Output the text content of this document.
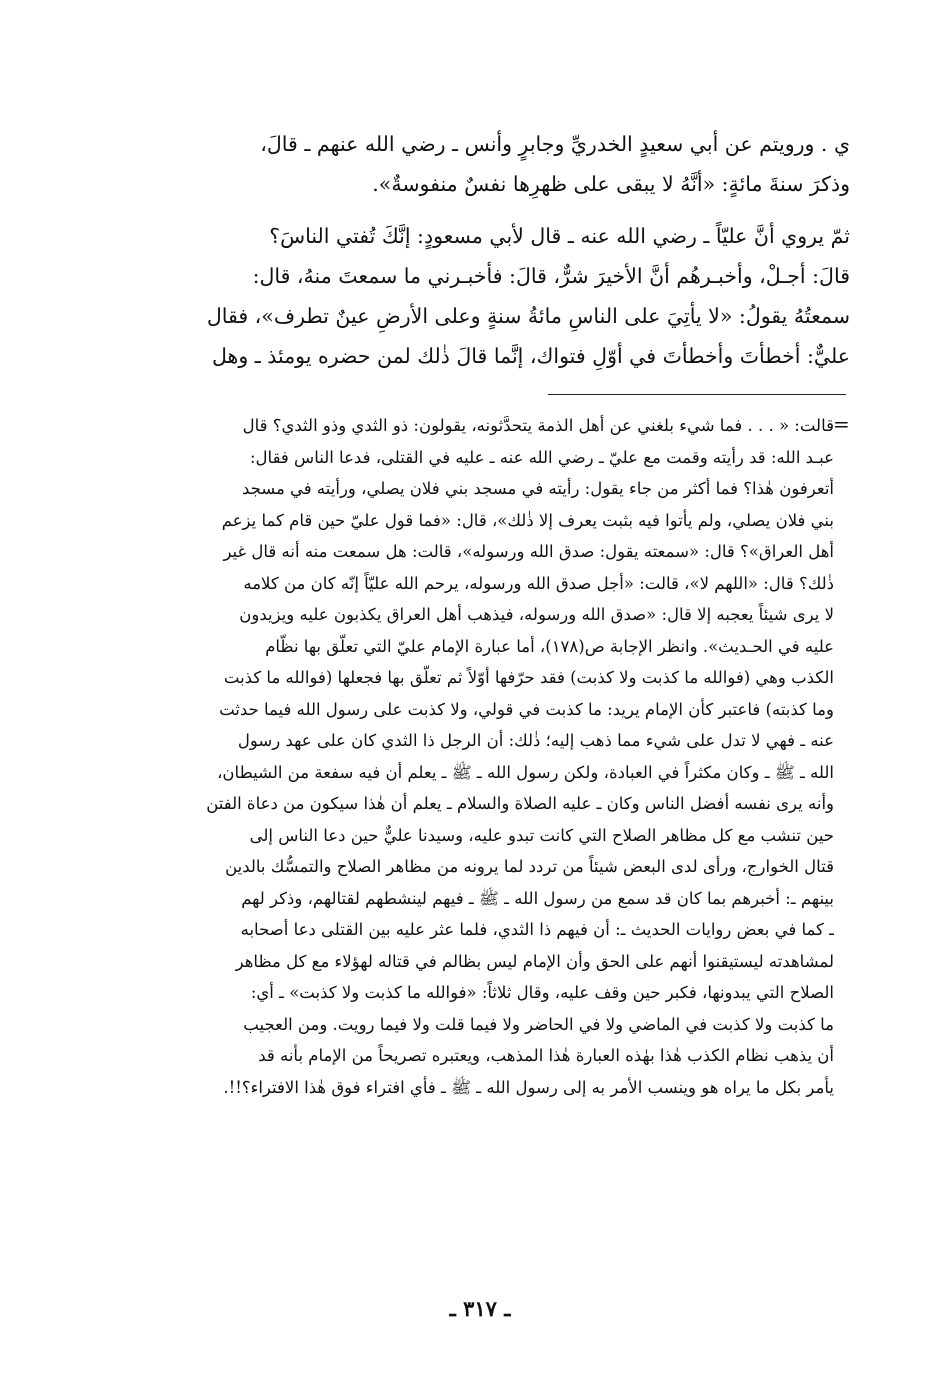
ي . ورويتم عن أبي سعيدٍ الخدريِّ وجابرٍ وأنس ـ رضي الله عنهم ـ قالَ،
وذكرَ سنةَ مائةٍ: «أنَّهُ لا يبقى على ظهرِها نفسٌ منفوسةٌ».
ثمّ يروي أنَّ عليّاً ـ رضي الله عنه ـ قال لأبي مسعودٍ: إنَّكَ تُفتي الناسَ؟
قالَ: أجـلْ، وأخبـرهُم أنَّ الأخيرَ شرٌّ، قالَ: فأخبـرني ما سمعتَ منهُ، قال:
سمعتُهُ يقولُ: «لا يأتِيَ على الناسِ مائةُ سنةٍ وعلى الأرضِ عينٌ تطرف»، فقال
عليٌّ: أخطأتَ وأخطأتَ في أوّلِ فتواك، إنَّما قالَ ذٰلك لمن حضره يومئذ ـ وهل
=
قالت: « . . . فما شيء بلغني عن أهل الذمة يتحدَّثونه، يقولون: ذو الثدي وذو الثدي؟ قال
عبـد الله: قد رأيته وقمت مع عليّ ـ رضي الله عنه ـ عليه في القتلى، فدعا الناس فقال:
أتعرفون هٰذا؟ فما أكثر من جاء يقول: رأيته في مسجد بني فلان يصلي، ورأيته في مسجد
بني فلان يصلي، ولم يأتوا فيه بثبت يعرف إلا ذٰلك»، قال: «فما قول عليّ حين قام كما يزعم
أهل العراق»؟ قال: «سمعته يقول: صدق الله ورسوله»، قالت: هل سمعت منه أنه قال غير
ذٰلك؟ قال: «اللهم لا»، قالت: «أجل صدق الله ورسوله، يرحم الله عليّاً إنّه كان من كلامه
لا يرى شيئاً يعجبه إلا قال: «صدق الله ورسوله، فيذهب أهل العراق يكذبون عليه ويزيدون
عليه في الحـديث». وانظر الإجابة ص(١٧٨)، أما عبارة الإمام عليّ التي تعلّق بها نظّام
الكذب وهي (فوالله ما كذبت ولا كذبت) فقد حرّفها أوّلاً ثم تعلّق بها فجعلها (فوالله ما كذبت
وما كذبته) فاعتبر كأن الإمام يريد: ما كذبت في قولي، ولا كذبت على رسول الله فيما حدثت
عنه ـ فهي لا تدل على شيء مما ذهب إليه؛ ذٰلك: أن الرجل ذا الثدي كان على عهد رسول
الله ـ ﷺ ـ وكان مكثراً في العبادة، ولكن رسول الله ـ ﷺ ـ يعلم أن فيه سفعة من الشيطان،
وأنه يرى نفسه أفضل الناس وكان ـ عليه الصلاة والسلام ـ يعلم أن هٰذا سيكون من دعاة الفتن
حين تنشب مع كل مظاهر الصلاح التي كانت تبدو عليه، وسيدنا عليٌّ حين دعا الناس إلى
قتال الخوارج، ورأى لدى البعض شيئاً من تردد لما يرونه من مظاهر الصلاح والتمسُّك بالدين
بينهم ـ: أخبرهم بما كان قد سمع من رسول الله ـ ﷺ ـ فيهم لينشطهم لقتالهم، وذكر لهم
ـ كما في بعض روايات الحديث ـ: أن فيهم ذا الثدي، فلما عثر عليه بين القتلى دعا أصحابه
لمشاهدته ليستيقنوا أنهم على الحق وأن الإمام ليس بظالم في قتاله لهؤلاء مع كل مظاهر
الصلاح التي يبدونها، فكبر حين وقف عليه، وقال ثلاثاً: «فوالله ما كذبت ولا كذبت» ـ أي:
ما كذبت ولا كذبت في الماضي ولا في الحاضر ولا فيما قلت ولا فيما رويت. ومن العجيب
أن يذهب نظام الكذب هٰذا بهٰذه العبارة هٰذا المذهب، ويعتبره تصريحاً من الإمام بأنه قد
يأمر بكل ما يراه هو وينسب الأمر به إلى رسول الله ـ ﷺ ـ فأي افتراء فوق هٰذا الافتراء؟!!.
ـ ٣١٧ ـ
